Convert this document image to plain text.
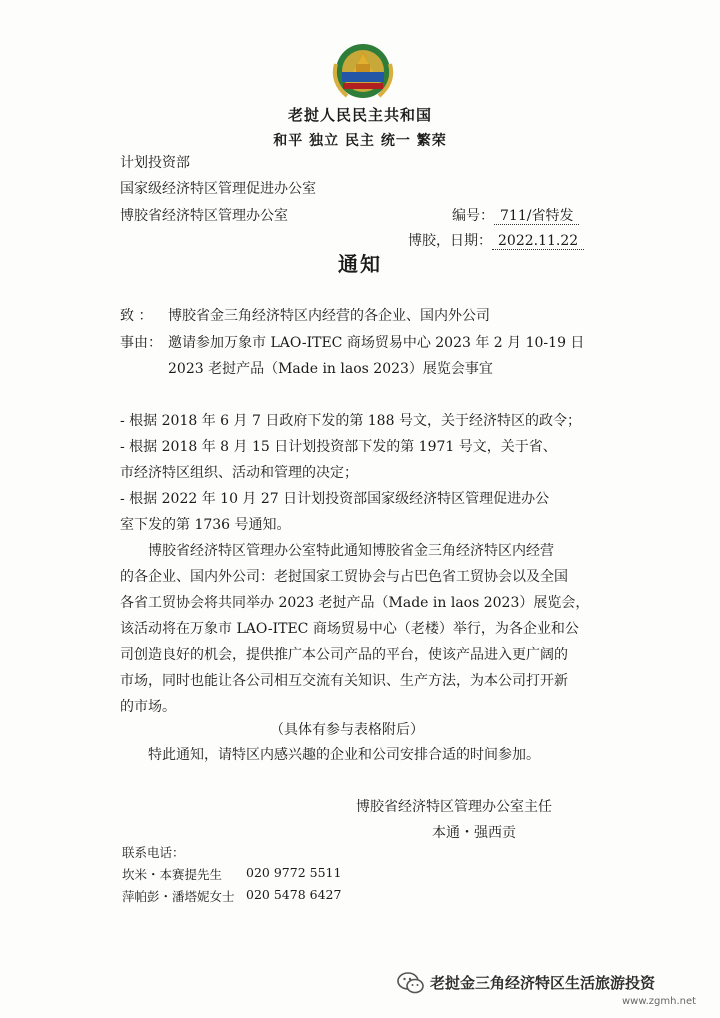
老挝人民民主共和国
和平 独立 民主 统一 繁荣
计划投资部
国家级经济特区管理促进办公室
博胶省经济特区管理办公室	编号： 711/省特发
博胶，日期： 2022.11.22
通知
致 ： 博胶省金三角经济特区内经营的各企业、国内外公司
事由： 邀请参加万象市 LAO-ITEC 商场贸易中心 2023 年 2 月 10-19 日
2023 老挝产品（Made in laos 2023）展览会事宜
- 根据 2018 年 6 月 7 日政府下发的第 188 号文，关于经济特区的政令；
- 根据 2018 年 8 月 15 日计划投资部下发的第 1971 号文，关于省、
市经济特区组织、活动和管理的决定；
- 根据 2022 年 10 月 27 日计划投资部国家级经济特区管理促进办公
室下发的第 1736 号通知。
博胶省经济特区管理办公室特此通知博胶省金三角经济特区内经营
的各企业、国内外公司：老挝国家工贸协会与占巴色省工贸协会以及全国
各省工贸协会将共同举办 2023 老挝产品（Made in laos 2023）展览会，
该活动将在万象市 LAO-ITEC 商场贸易中心（老楼）举行，为各企业和公
司创造良好的机会，提供推广本公司产品的平台，使该产品进入更广阔的
市场，同时也能让各公司相互交流有关知识、生产方法，为本公司打开新
的市场。
（具体有参与表格附后）
特此通知，请特区内感兴趣的企业和公司安排合适的时间参加。
博胶省经济特区管理办公室主任
本通・强西贡
联系电话：
坎米・本赛提先生 020 9772 5511
萍帕彭・潘塔妮女士 020 5478 6427
老挝金三角经济特区生活旅游投资
www.zgmh.net
